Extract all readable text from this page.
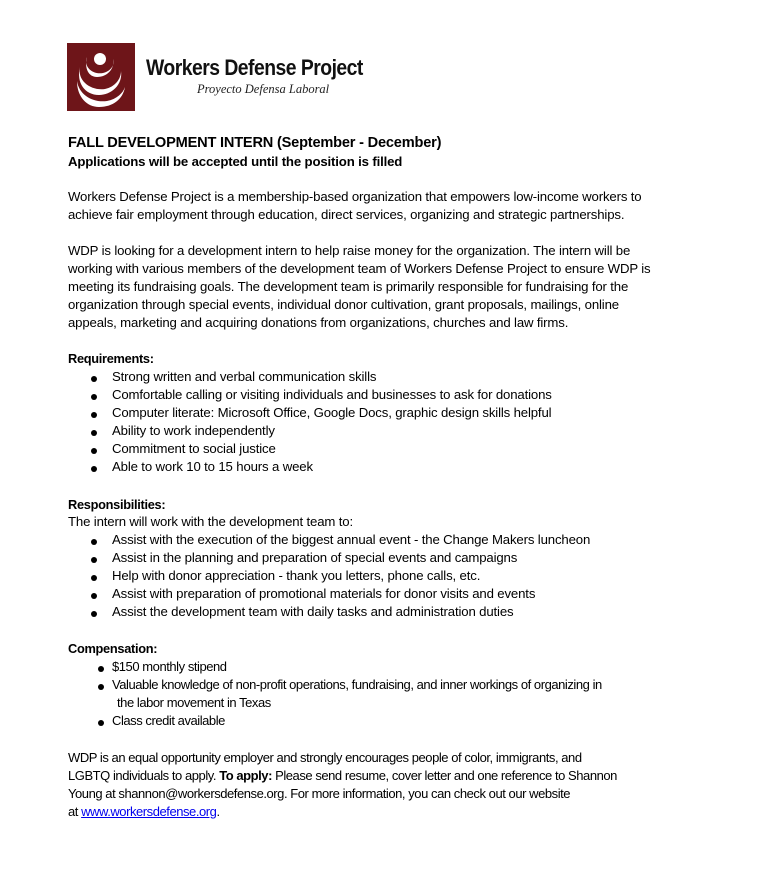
Workers Defense Project
Proyecto Defensa Laboral
FALL DEVELOPMENT INTERN (September - December)
Applications will be accepted until the position is filled
Workers Defense Project is a membership-based organization that empowers low-income workers to
achieve fair employment through education, direct services, organizing and strategic partnerships.
WDP is looking for a development intern to help raise money for the organization. The intern will be
working with various members of the development team of Workers Defense Project to ensure WDP is
meeting its fundraising goals. The development team is primarily responsible for fundraising for the
organization through special events, individual donor cultivation, grant proposals, mailings, online
appeals, marketing and acquiring donations from organizations, churches and law firms.
Requirements:
Strong written and verbal communication skills
Comfortable calling or visiting individuals and businesses to ask for donations
Computer literate: Microsoft Office, Google Docs, graphic design skills helpful
Ability to work independently
Commitment to social justice
Able to work 10 to 15 hours a week
Responsibilities:
The intern will work with the development team to:
Assist with the execution of the biggest annual event - the Change Makers luncheon
Assist in the planning and preparation of special events and campaigns
Help with donor appreciation - thank you letters, phone calls, etc.
Assist with preparation of promotional materials for donor visits and events
Assist the development team with daily tasks and administration duties
Compensation:
$150 monthly stipend
Valuable knowledge of non-profit operations, fundraising, and inner workings of organizing in
the labor movement in Texas
Class credit available
WDP is an equal opportunity employer and strongly encourages people of color, immigrants, and
LGBTQ individuals to apply. To apply: Please send resume, cover letter and one reference to Shannon
Young at shannon@workersdefense.org. For more information, you can check out our website
at www.workersdefense.org.
